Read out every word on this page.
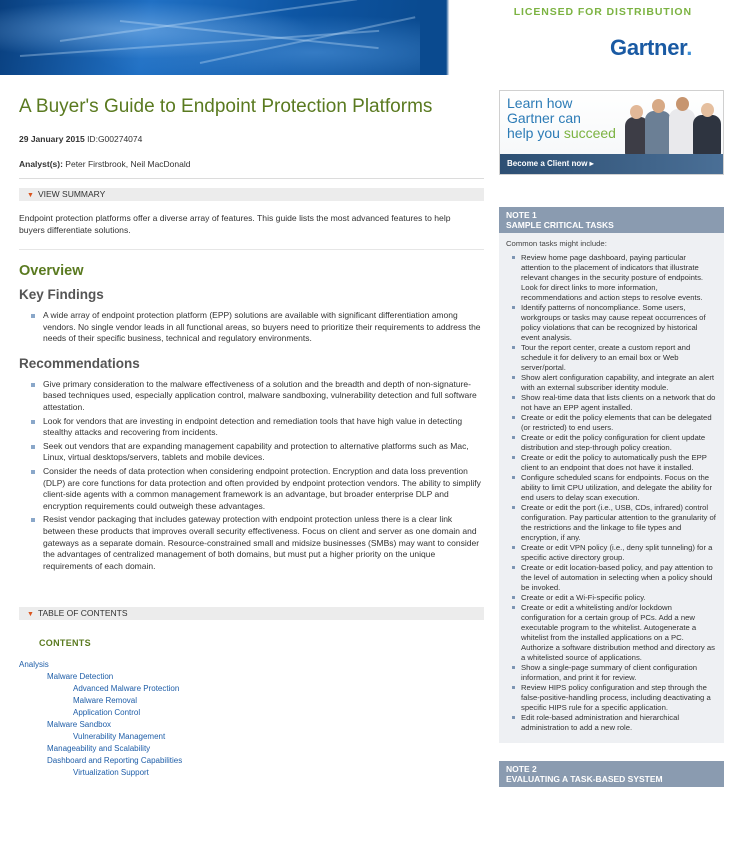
LICENSED FOR DISTRIBUTION
Gartner.
A Buyer's Guide to Endpoint Protection Platforms
29 January 2015 ID:G00274074
Analyst(s): Peter Firstbrook, Neil MacDonald
▼ VIEW SUMMARY

Endpoint protection platforms offer a diverse array of features. This guide lists the most advanced features to help buyers differentiate solutions.

Overview
Key Findings
A wide array of endpoint protection platform (EPP) solutions are available with significant differentiation among vendors. No single vendor leads in all functional areas, so buyers need to prioritize their requirements to address the needs of their specific business, technical and regulatory environments.
Recommendations
Give primary consideration to the malware effectiveness of a solution and the breadth and depth of non-signature-based techniques used, especially application control, malware sandboxing, vulnerability detection and full software attestation.
Look for vendors that are investing in endpoint detection and remediation tools that have high value in detecting stealthy attacks and recovering from incidents.
Seek out vendors that are expanding management capability and protection to alternative platforms such as Mac, Linux, virtual desktops/servers, tablets and mobile devices.
Consider the needs of data protection when considering endpoint protection. Encryption and data loss prevention (DLP) are core functions for data protection and often provided by endpoint protection vendors. The ability to simplify client-side agents with a common management framework is an advantage, but broader enterprise DLP and encryption requirements could outweigh these advantages.
Resist vendor packaging that includes gateway protection with endpoint protection unless there is a clear link between these products that improves overall security effectiveness. Focus on client and server as one domain and gateways as a separate domain. Resource-constrained small and midsize businesses (SMBs) may want to consider the advantages of centralized management of both domains, but must put a higher priority on the unique requirements of each domain.
▼ TABLE OF CONTENTS
CONTENTS
Analysis
Malware Detection
Advanced Malware Protection
Malware Removal
Application Control
Malware Sandbox
Vulnerability Management
Manageability and Scalability
Dashboard and Reporting Capabilities
Virtualization Support
Learn how
Gartner can
help you succeed
Become a Client now ▸
NOTE 1
SAMPLE CRITICAL TASKS
Common tasks might include:
Review home page dashboard, paying particular attention to the placement of indicators that illustrate relevant changes in the security posture of endpoints. Look for direct links to more information, recommendations and action steps to resolve events.
Identify patterns of noncompliance. Some users, workgroups or tasks may cause repeat occurrences of policy violations that can be recognized by historical event analysis.
Tour the report center, create a custom report and schedule it for delivery to an email box or Web server/portal.
Show alert configuration capability, and integrate an alert with an external subscriber identity module.
Show real-time data that lists clients on a network that do not have an EPP agent installed.
Create or edit the policy elements that can be delegated (or restricted) to end users.
Create or edit the policy configuration for client update distribution and step-through policy creation.
Create or edit the policy to automatically push the EPP client to an endpoint that does not have it installed.
Configure scheduled scans for endpoints. Focus on the ability to limit CPU utilization, and delegate the ability for end users to delay scan execution.
Create or edit the port (i.e., USB, CDs, infrared) control configuration. Pay particular attention to the granularity of the restrictions and the linkage to file types and encryption, if any.
Create or edit VPN policy (i.e., deny split tunneling) for a specific active directory group.
Create or edit location-based policy, and pay attention to the level of automation in selecting when a policy should be invoked.
Create or edit a Wi-Fi-specific policy.
Create or edit a whitelisting and/or lockdown configuration for a certain group of PCs. Add a new executable program to the whitelist. Autogenerate a whitelist from the installed applications on a PC. Authorize a software distribution method and directory as a whitelisted source of applications.
Show a single-page summary of client configuration information, and print it for review.
Review HIPS policy configuration and step through the false-positive-handling process, including deactivating a specific HIPS rule for a specific application.
Edit role-based administration and hierarchical administration to add a new role.
NOTE 2
EVALUATING A TASK-BASED SYSTEM
